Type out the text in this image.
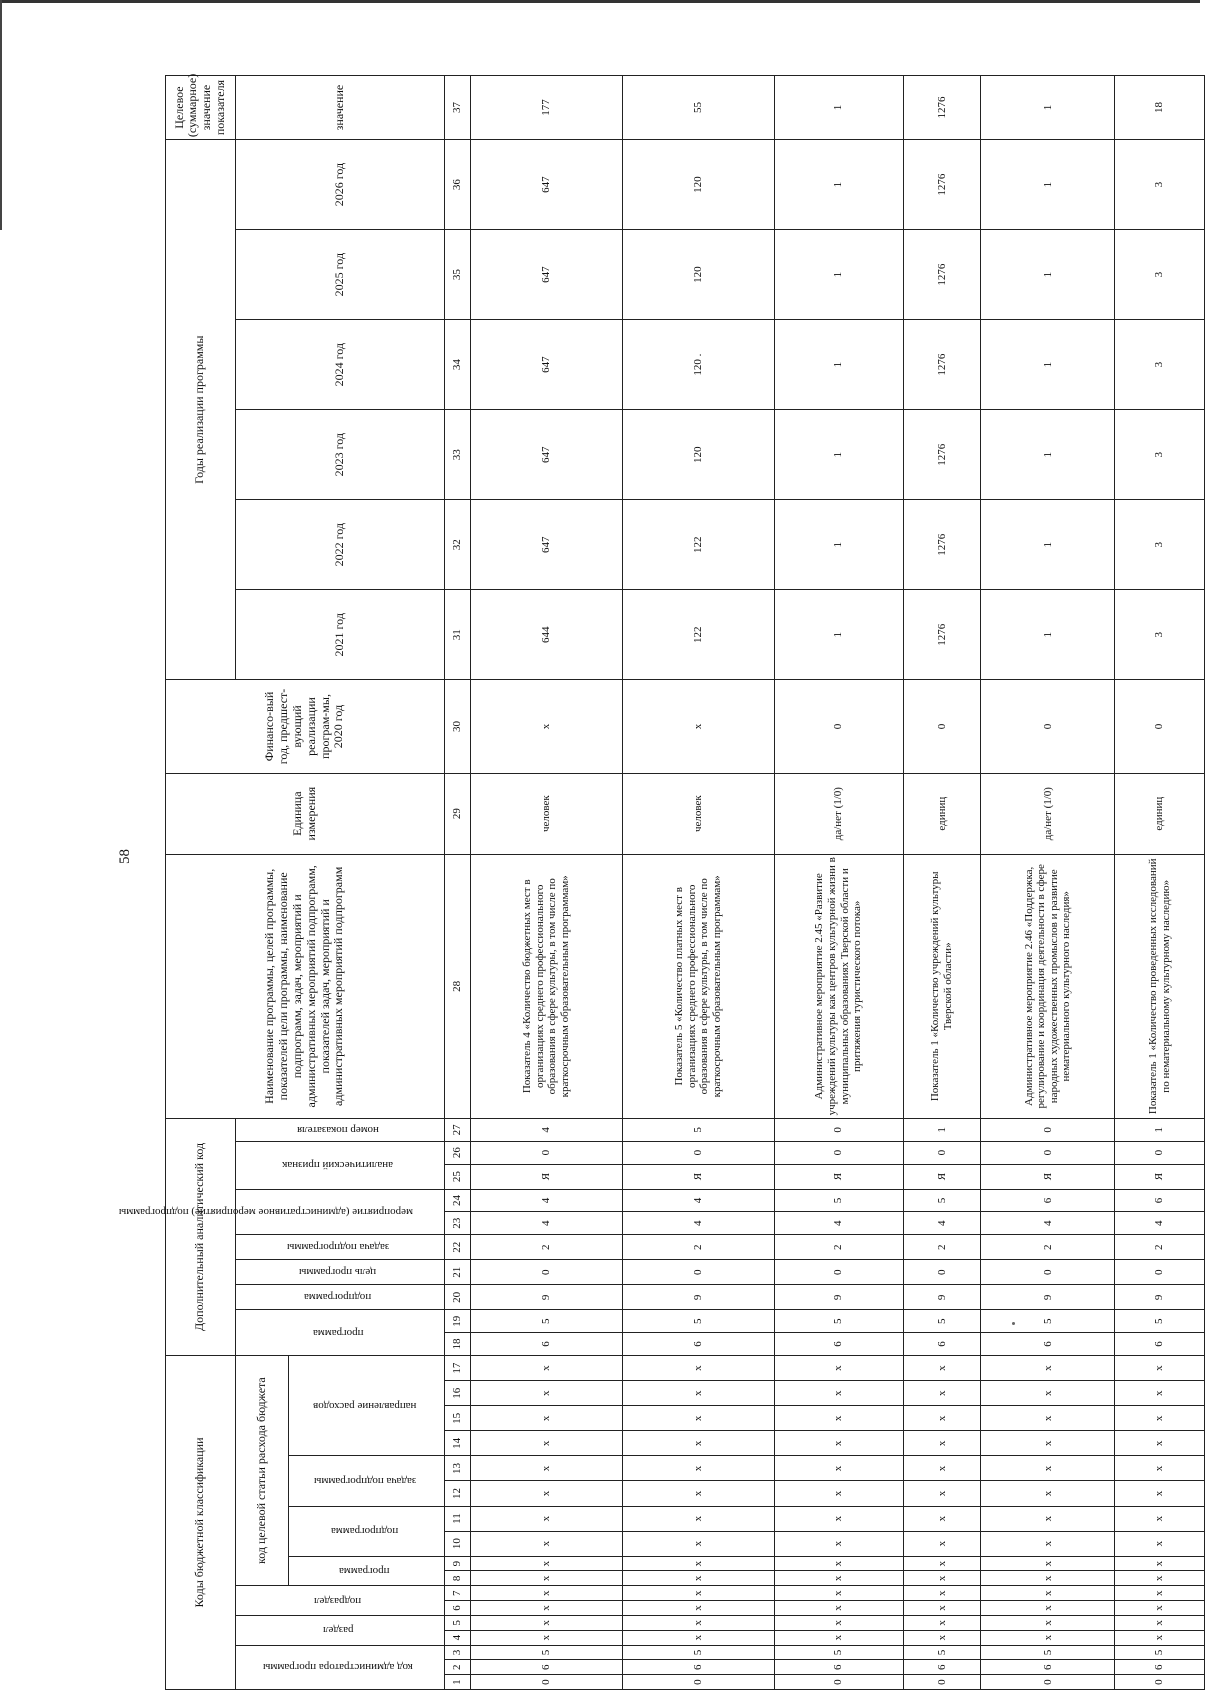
58
Коды бюджетной классификации																	Дополнительный аналитический код										Наименование программы, целей программы, показателей цели программы, наименование подпрограмм, задач, мероприятий и административных мероприятий подпрограмм, показателей задач, мероприятий и административных мероприятий подпрограмм	Единица измерения	Финансо-вый год, предшест-вующий реализации програм-мы, 2020 год	Годы реализации программы						Целевое (суммарное) значение показателя
код администратора программы			раздел		подраздел		код целевой статьи расхода бюджета										программа		подпрограмма	цель программы	задача подпрограммы	мероприятие (административное мероприятие) подпрограммы		аналитический признак		номер показателя				2021 год	2022 год	2023 год	2024 год	2025 год	2026 год	значение
							программа		подпрограмма		задача подпрограммы		направление расходов																							
1	2	3	4	5	6	7	8	9	10	11	12	13	14	15	16	17	18	19	20	21	22	23	24	25	26	27	28	29	30	31	32	33	34	35	36	37
0	6	5	x	x	x	x	x	x	x	x	x	x	x	x	x	x	6	5	9	0	2	4	4	Я	0	4	Показатель 4 «Количество бюджетных мест в организациях среднего профессионального образования в сфере культуры, в том числе по краткосрочным образовательным программам»	человек	x	644	647	647	647	647	647	177
0	6	5	x	x	x	x	x	x	x	x	x	x	x	x	x	x	6	5	9	0	2	4	4	Я	0	5	Показатель 5 «Количество платных мест в организациях среднего профессионального образования в сфере культуры, в том числе по краткосрочным образовательным программам»	человек	x	122	122	120	120 .	120	120	55
0	6	5	x	x	x	x	x	x	x	x	x	x	x	x	x	x	6	5	9	0	2	4	5	Я	0	0	Административное мероприятие 2.45 «Развитие учреждений культуры как центров культурной жизни в муниципальных образованиях Тверской области и притяжения туристического потока»	да/нет (1/0)	0	1	1	1	1	1	1	1
0	6	5	x	x	x	x	x	x	x	x	x	x	x	x	x	x	6	5	9	0	2	4	5	Я	0	1	Показатель 1 «Количество учреждений культуры Тверской области»	единиц	0	1276	1276	1276	1276	1276	1276	1276
0	6	5	x	x	x	x	x	x	x	x	x	x	x	x	x	x	6	5	9	0	2	4	6	Я	0	0	Административное мероприятие 2.46 «Поддержка, регулирование и координация деятельности в сфере народных художественных промыслов и развитие нематериального культурного наследия»	да/нет (1/0)	0	1	1	1	1	1	1	1
0	6	5	x	x	x	x	x	x	x	x	x	x	x	x	x	x	6	5	9	0	2	4	6	Я	0	1	Показатель 1 «Количество проведенных исследований по нематериальному культурному наследию»	единиц	0	3	3	3	3	3	3	18
